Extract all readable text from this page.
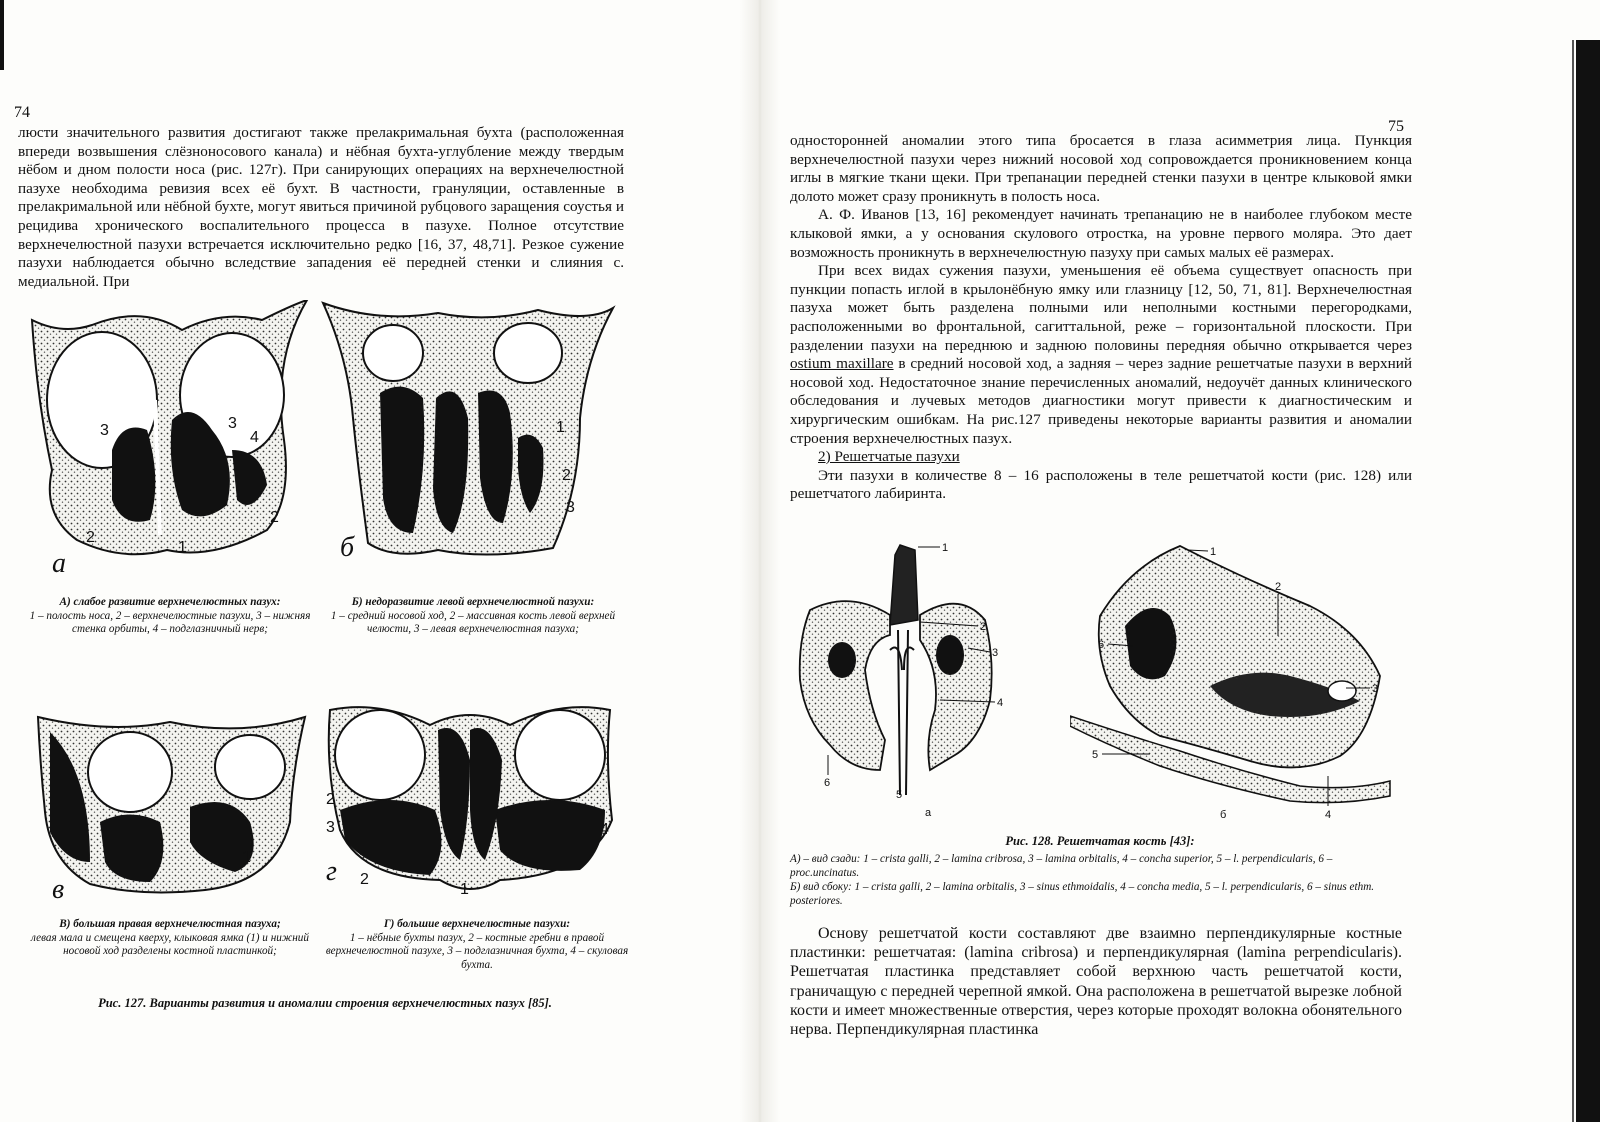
74

люсти значительного развития достигают также прелакримальная бухта (расположенная впереди возвышения слёзноносового канала) и нёбная бухта-углубление между твердым нёбом и дном полости носа (рис. 127г). При санирующих операциях на верхнечелюстной пазухе необходима ревизия всех её бухт. В частности, грануляции, оставленные в прелакримальной или нёбной бухте, могут явиться причиной рубцового заращения соустья и рецидива хронического воспалительного процесса в пазухе. Полное отсутствие верхнечелюстной пазухи встречается исключительно редко [16, 37, 48,71]. Резкое сужение пазухи наблюдается обычно вследствие западения её передней стенки и слияния с. медиальной. При

3	3
4
2
2
1
а
1
2
3
б
А) слабое развитие верхнечелюстных пазух:
1 – полость носа, 2 – верхнечелюстные пазухи, 3 – нижняя стенка орбиты, 4 – подглазничный нерв;
Б) недоразвитие левой верхнечелюстной пазухи:
1 – средний носовой ход, 2 – массивная кость левой верхней челюсти, 3 – левая верхнечелюстная пазуха;
1
в
2
3
2
1
4
г
В) большая правая верхнечелюстная пазуха;
левая мала и смещена кверху, клыковая ямка (1) и нижний носовой ход разделены костной пластинкой;
Г) большие верхнечелюстные пазухи:
1 – нёбные бухты пазух, 2 – костные гребни в правой верхнечелюстной пазухе, 3 – подглазничная бухта, 4 – скуловая бухта.
Рис. 127. Варианты развития и аномалии строения верхнечелюстных пазух [85].
75

односторонней аномалии этого типа бросается в глаза асимметрия лица. Пункция верхнечелюстной пазухи через нижний носовой ход сопровождается проникновением конца иглы в мягкие ткани щеки. При трепанации передней стенки пазухи в центре клыковой ямки долото может сразу проникнуть в полость носа.

А. Ф. Иванов [13, 16] рекомендует начинать трепанацию не в наиболее глубоком месте клыковой ямки, а у основания скулового отростка, на уровне первого моляра. Это дает возможность проникнуть в верхнечелюстную пазуху при самых малых её размерах.

При всех видах сужения пазухи, уменьшения её объема существует опасность при пункции попасть иглой в крылонёбную ямку или глазницу [12, 50, 71, 81]. Верхнечелюстная пазуха может быть разделена полными или неполными костными перегородками, расположенными во фронтальной, сагиттальной, реже – горизонтальной плоскости. При разделении пазухи на переднюю и заднюю половины передняя обычно открывается через ostium maxillare в средний носовой ход, а задняя – через задние решетчатые пазухи в верхний носовой ход. Недостаточное знание перечисленных аномалий, недоучёт данных клинического обследования и лучевых методов диагностики могут привести к диагностическим и хирургическим ошибкам. На рис.127 приведены некоторые варианты развития и аномалии строения верхнечелюстных пазух.

2) Решетчатые пазухи

Эти пазухи в количестве 8 – 16 расположены в теле решетчатой кости (рис. 128) или решетчатого лабиринта.

1
2
3
4
5
6
а
1
2
3
4
5
6
б
Рис. 128. Решетчатая кость [43]:
А) – вид сзади: 1 – crista galli, 2 – lamina cribrosa, 3 – lamina orbitalis, 4 – concha superior, 5 – l. perpendicularis, 6 – proc.uncinatus.
Б) вид сбоку: 1 – crista galli, 2 – lamina orbitalis, 3 – sinus ethmoidalis, 4 – concha media, 5 – l. perpendicularis, 6 – sinus ethm. posteriores.

Основу решетчатой кости составляют две взаимно перпендикулярные костные пластинки: решетчатая: (lamina cribrosa) и перпендикулярная (lamina perpendicularis). Решетчатая пластинка представляет собой верхнюю часть решетчатой кости, граничащую с передней черепной ямкой. Она расположена в решетчатой вырезке лобной кости и имеет множественные отверстия, через которые проходят волокна обонятельного нерва. Перпендикулярная пластинка
